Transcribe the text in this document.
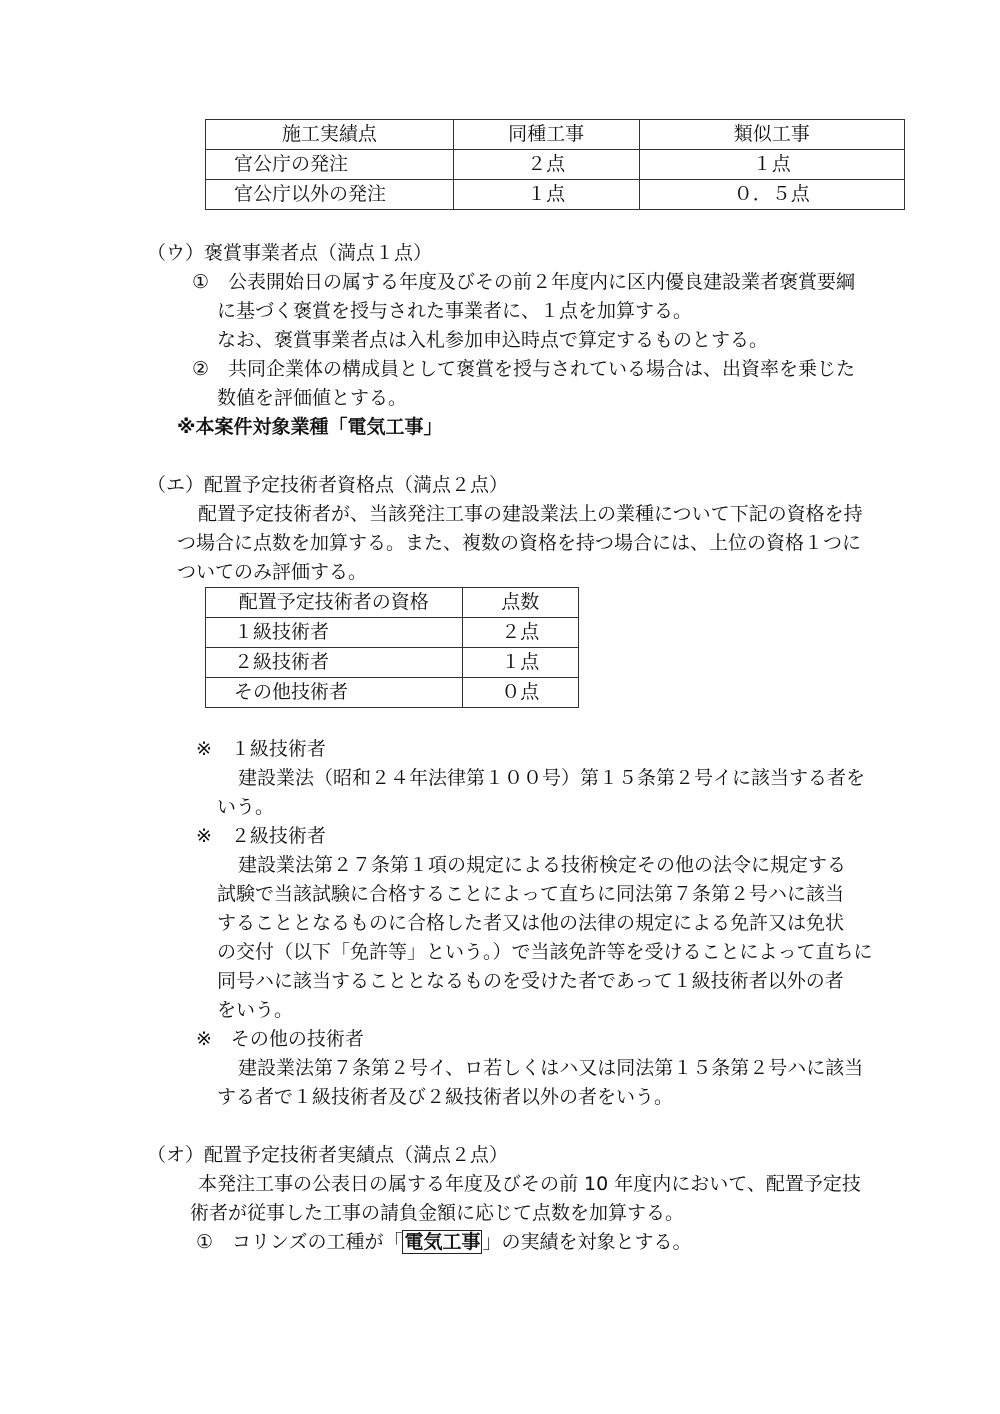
施工実績点	同種工事	類似工事
官公庁の発注	２点	１点
官公庁以外の発注	１点	０．５点
（ウ）褒賞事業者点（満点１点）
①　公表開始日の属する年度及びその前２年度内に区内優良建設業者褒賞要綱
に基づく褒賞を授与された事業者に、１点を加算する。
なお、褒賞事業者点は入札参加申込時点で算定するものとする。
②　共同企業体の構成員として褒賞を授与されている場合は、出資率を乗じた
数値を評価値とする。
※本案件対象業種「電気工事」
（エ）配置予定技術者資格点（満点２点）
配置予定技術者が、当該発注工事の建設業法上の業種について下記の資格を持
つ場合に点数を加算する。また、複数の資格を持つ場合には、上位の資格１つに
ついてのみ評価する。
配置予定技術者の資格	点数
１級技術者	２点
２級技術者	１点
その他技術者	０点
※　１級技術者
建設業法（昭和２４年法律第１００号）第１５条第２号イに該当する者を
いう。
※　２級技術者
建設業法第２７条第１項の規定による技術検定その他の法令に規定する
試験で当該試験に合格することによって直ちに同法第７条第２号ハに該当
することとなるものに合格した者又は他の法律の規定による免許又は免状
の交付（以下「免許等」という。）で当該免許等を受けることによって直ちに
同号ハに該当することとなるものを受けた者であって１級技術者以外の者
をいう。
※　その他の技術者
建設業法第７条第２号イ、ロ若しくはハ又は同法第１５条第２号ハに該当
する者で１級技術者及び２級技術者以外の者をいう。
（オ）配置予定技術者実績点（満点２点）
本発注工事の公表日の属する年度及びその前 10 年度内において、配置予定技
術者が従事した工事の請負金額に応じて点数を加算する。
①　コリンズの工種が「 電気工事 」の実績を対象とする。
